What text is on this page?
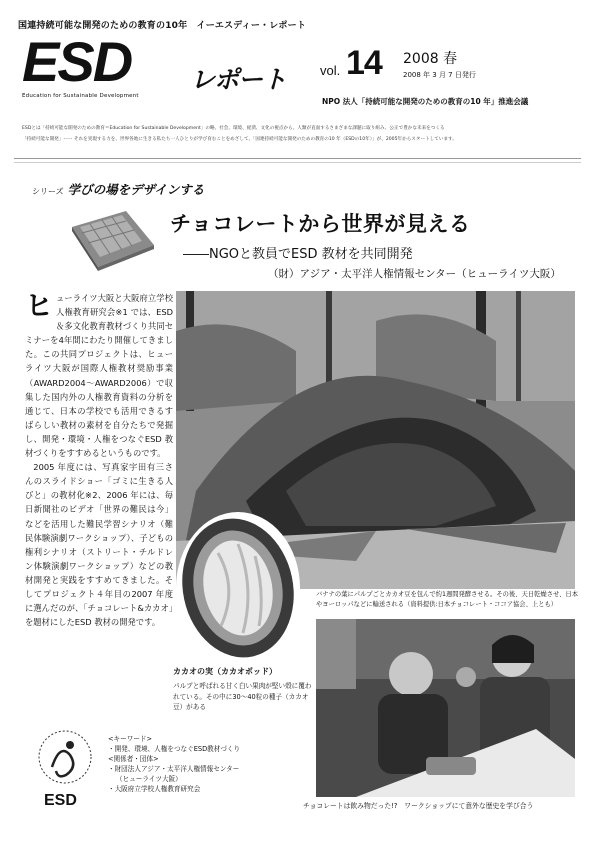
国連持続可能な開発のための教育の10年　イーエスディー・レポート
ESD レポート
Education for Sustainable Development
vol. 14 2008 春
2008 年 3 月 7 日発行
NPO 法人「持続可能な開発のための教育の10 年」推進会議
ESDとは「持続可能な開発のための教育＝Education for Sustainable Development」の略。社会、環境、経済、文化の視点から、人類が直面するさまざまな課題に取り組み、公正で豊かな未来をつくる
「持続可能な開発」ーー それを実現する力を、世界各地に生きる私たち一人ひとりが学び育むことをめざして、「国連持続可能な開発のための教育の10 年（ESDの10年）」が、2005年からスタートしています。
シリーズ 学びの場をデザインする
チョコレートから世界が見える
――NGOと教員でESD 教材を共同開発
（財）アジア・太平洋人権情報センター（ヒューライツ大阪）

ヒューライツ大阪と大阪府立学校人権教育研究会※1 では、ESD＆多文化教育教材づくり共同セミナーを4年間にわたり開催してきました。この共同プロジェクトは、ヒューライツ大阪が国際人権教材奨励事業（AWARD2004～AWARD2006）で収集した国内外の人権教育資料の分析を通じて、日本の学校でも活用できるすばらしい教材の素材を自分たちで発掘し、開発・環境・人権をつなぐESD 教材づくりをすすめるというものです。

2005 年度には、写真家宇田有三さんのスライドショー「ゴミに生きる人びと」の教材化※2、2006 年には、毎日新聞社のビデオ「世界の難民は今」などを活用した難民学習シナリオ（難民体験演劇ワークショップ）、子どもの権利シナリオ（ストリート・チルドレン体験演劇ワークショップ）などの教材開発と実践をすすめてきました。そしてプロジェクト４年目の2007 年度に選んだのが、「チョコレート&カカオ」を題材にしたESD 教材の開発です。

バナナの葉にパルプごとカカオ豆を包んで約1週間発酵させる。その後、天日乾燥させ、日本やヨーロッパなどに輸送される（資料提供:日本チョコレート・ココア協会、上とも）
カカオの実（カカオポッド）
パルプと呼ばれる甘く白い果肉が堅い殻に覆われている。その中に30～40粒の種子（カカオ豆）がある
チョコレートは飲み物だった!?　ワークショップにて意外な歴史を学び合う
ESD
<キーワード>
・開発、環境、人権をつなぐESD教材づくり
<関係者・団体>
・財団法人アジア・太平洋人権情報センター
（ヒューライツ大阪）
・大阪府立学校人権教育研究会
